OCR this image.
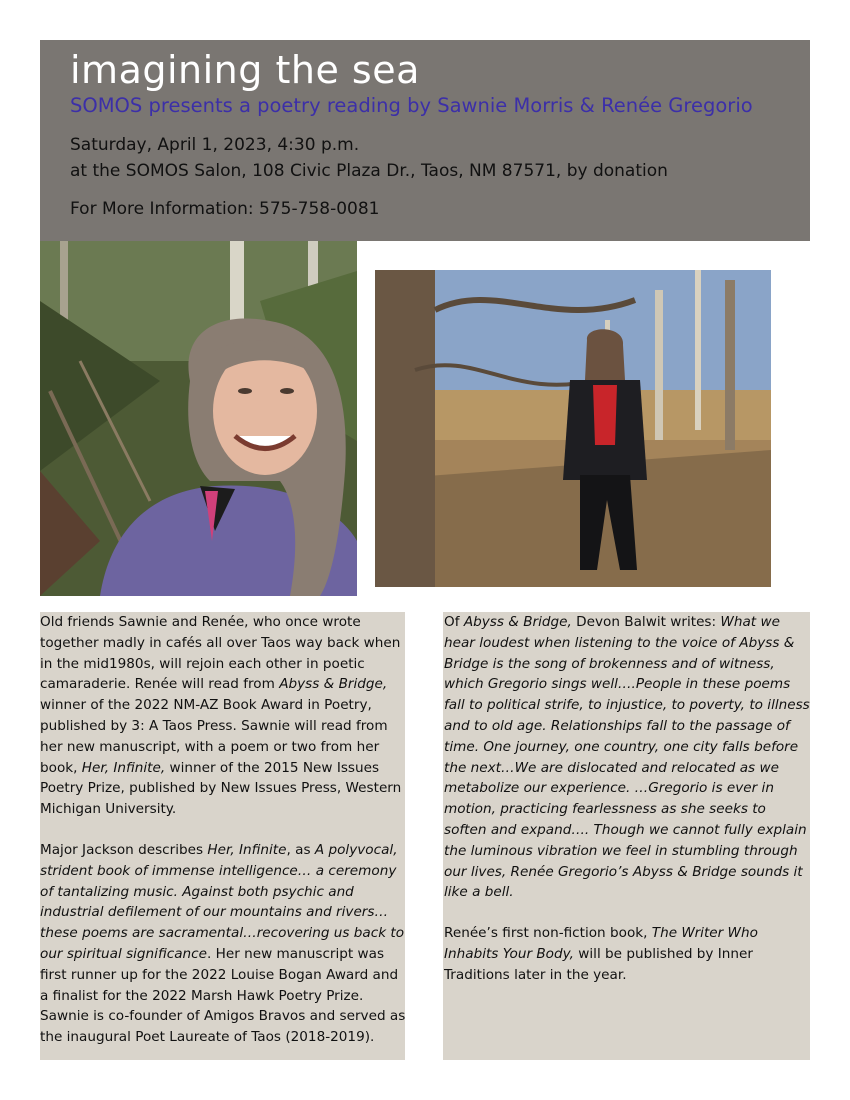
imagining the sea
SOMOS presents a poetry reading by Sawnie Morris & Renée Gregorio
Saturday, April 1, 2023, 4:30 p.m.
at the SOMOS Salon, 108 Civic Plaza Dr., Taos, NM 87571, by donation
For More Information: 575-758-0081

Old friends Sawnie and Renée, who once wrote together madly in cafés all over Taos way back when in the mid1980s, will rejoin each other in poetic camaraderie. Renée will read from Abyss & Bridge, winner of the 2022 NM-AZ Book Award in Poetry, published by 3: A Taos Press. Sawnie will read from her new manuscript, with a poem or two from her book, Her, Infinite, winner of the 2015 New Issues Poetry Prize, published by New Issues Press, Western Michigan University.

Major Jackson describes Her, Infinite, as A polyvocal, strident book of immense intelligence… a ceremony of tantalizing music. Against both psychic and industrial defilement of our mountains and rivers… these poems are sacramental…recovering us back to our spiritual significance. Her new manuscript was first runner up for the 2022 Louise Bogan Award and a finalist for the 2022 Marsh Hawk Poetry Prize. Sawnie is co-founder of Amigos Bravos and served as the inaugural Poet Laureate of Taos (2018-2019).

Of Abyss & Bridge, Devon Balwit writes: What we hear loudest when listening to the voice of Abyss & Bridge is the song of brokenness and of witness, which Gregorio sings well….People in these poems fall to political strife, to injustice, to poverty, to illness and to old age. Relationships fall to the passage of time. One journey, one country, one city falls before the next…We are dislocated and relocated as we metabolize our experience. …Gregorio is ever in motion, practicing fearlessness as she seeks to soften and expand…. Though we cannot fully explain the luminous vibration we feel in stumbling through our lives, Renée Gregorio’s Abyss & Bridge sounds it like a bell.

Renée’s first non-fiction book, The Writer Who Inhabits Your Body, will be published by Inner Traditions later in the year.
